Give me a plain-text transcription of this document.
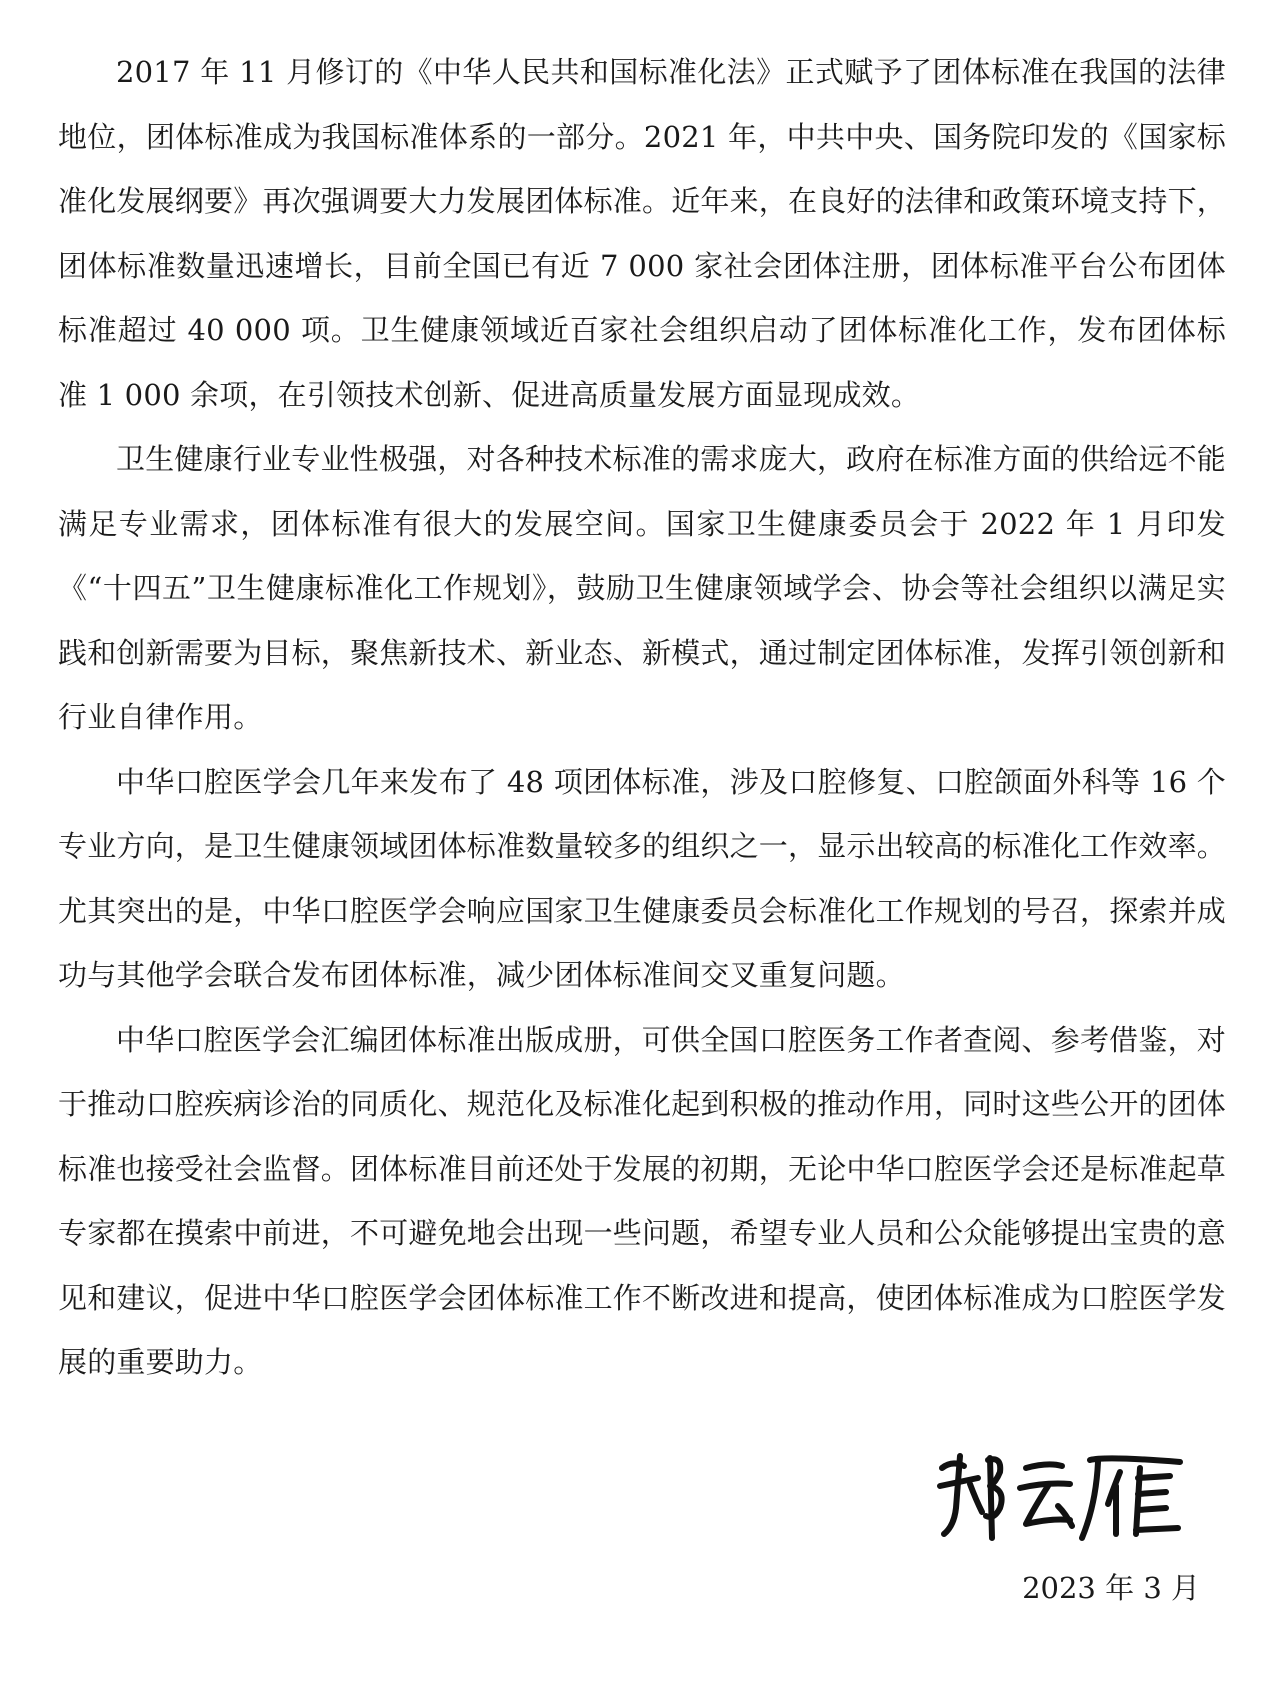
2017 年 11 月修订的《中华人民共和国标准化法》正式赋予了团体标准在我国的法律地位，团体标准成为我国标准体系的一部分。2021 年，中共中央、国务院印发的《国家标准化发展纲要》再次强调要大力发展团体标准。近年来，在良好的法律和政策环境支持下，团体标准数量迅速增长，目前全国已有近 7 000 家社会团体注册，团体标准平台公布团体标准超过 40 000 项。卫生健康领域近百家社会组织启动了团体标准化工作，发布团体标准 1 000 余项，在引领技术创新、促进高质量发展方面显现成效。

卫生健康行业专业性极强，对各种技术标准的需求庞大，政府在标准方面的供给远不能满足专业需求，团体标准有很大的发展空间。国家卫生健康委员会于 2022 年 1 月印发《“十四五”卫生健康标准化工作规划》，鼓励卫生健康领域学会、协会等社会组织以满足实践和创新需要为目标，聚焦新技术、新业态、新模式，通过制定团体标准，发挥引领创新和行业自律作用。

中华口腔医学会几年来发布了 48 项团体标准，涉及口腔修复、口腔颌面外科等 16 个专业方向，是卫生健康领域团体标准数量较多的组织之一，显示出较高的标准化工作效率。尤其突出的是，中华口腔医学会响应国家卫生健康委员会标准化工作规划的号召，探索并成功与其他学会联合发布团体标准，减少团体标准间交叉重复问题。

中华口腔医学会汇编团体标准出版成册，可供全国口腔医务工作者查阅、参考借鉴，对于推动口腔疾病诊治的同质化、规范化及标准化起到积极的推动作用，同时这些公开的团体标准也接受社会监督。团体标准目前还处于发展的初期，无论中华口腔医学会还是标准起草专家都在摸索中前进，不可避免地会出现一些问题，希望专业人员和公众能够提出宝贵的意见和建议，促进中华口腔医学会团体标准工作不断改进和提高，使团体标准成为口腔医学发展的重要助力。

2023 年 3 月
